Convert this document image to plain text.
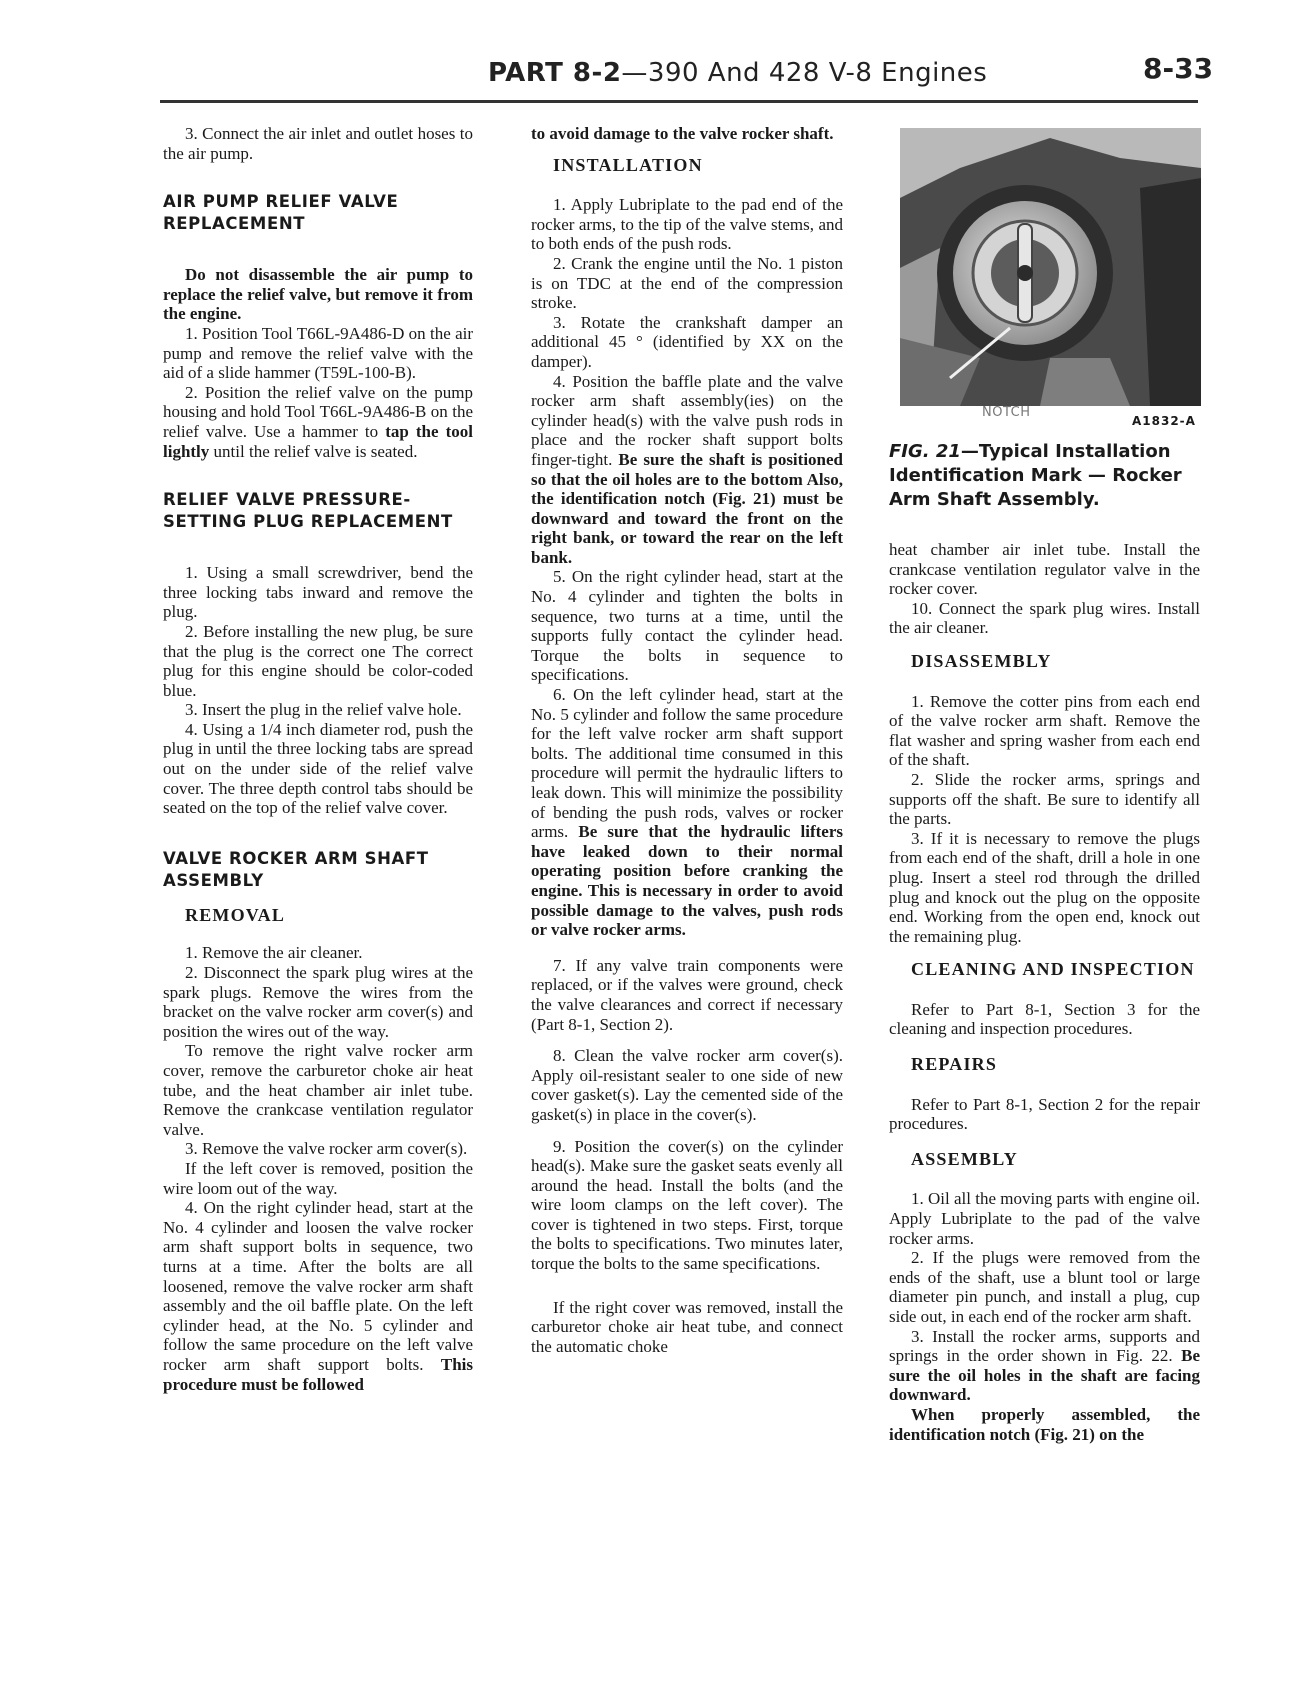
PART 8-2—390 And 428 V-8 Engines	8-33

3. Connect the air inlet and outlet hoses to the air pump.

AIR PUMP RELIEF VALVE REPLACEMENT

Do not disassemble the air pump to replace the relief valve, but remove it from the engine.

1. Position Tool T66L-9A486-D on the air pump and remove the relief valve with the aid of a slide hammer (T59L-100-B).

2. Position the relief valve on the pump housing and hold Tool T66L-9A486-B on the relief valve. Use a hammer to tap the tool lightly until the relief valve is seated.

RELIEF VALVE PRESSURE-SETTING PLUG REPLACEMENT

1. Using a small screwdriver, bend the three locking tabs inward and remove the plug.

2. Before installing the new plug, be sure that the plug is the correct one The correct plug for this engine should be color-coded blue.

3. Insert the plug in the relief valve hole.

4. Using a 1/4 inch diameter rod, push the plug in until the three locking tabs are spread out on the under side of the relief valve cover. The three depth control tabs should be seated on the top of the relief valve cover.

VALVE ROCKER ARM SHAFT ASSEMBLY
REMOVAL

1. Remove the air cleaner.

2. Disconnect the spark plug wires at the spark plugs. Remove the wires from the bracket on the valve rocker arm cover(s) and position the wires out of the way.

To remove the right valve rocker arm cover, remove the carburetor choke air heat tube, and the heat chamber air inlet tube. Remove the crankcase ventilation regulator valve.

3. Remove the valve rocker arm cover(s).

If the left cover is removed, position the wire loom out of the way.

4. On the right cylinder head, start at the No. 4 cylinder and loosen the valve rocker arm shaft support bolts in sequence, two turns at a time. After the bolts are all loosened, remove the valve rocker arm shaft assembly and the oil baffle plate. On the left cylinder head, at the No. 5 cylinder and follow the same procedure on the left valve rocker arm shaft support bolts. This procedure must be followed

to avoid damage to the valve rocker shaft.

INSTALLATION

1. Apply Lubriplate to the pad end of the rocker arms, to the tip of the valve stems, and to both ends of the push rods.

2. Crank the engine until the No. 1 piston is on TDC at the end of the compression stroke.

3. Rotate the crankshaft damper an additional 45 ° (identified by XX on the damper).

4. Position the baffle plate and the valve rocker arm shaft assembly(ies) on the cylinder head(s) with the valve push rods in place and the rocker shaft support bolts finger-tight. Be sure the shaft is positioned so that the oil holes are to the bottom Also, the identification notch (Fig. 21) must be downward and toward the front on the right bank, or toward the rear on the left bank.

5. On the right cylinder head, start at the No. 4 cylinder and tighten the bolts in sequence, two turns at a time, until the supports fully contact the cylinder head. Torque the bolts in sequence to specifications.

6. On the left cylinder head, start at the No. 5 cylinder and follow the same procedure for the left valve rocker arm shaft support bolts. The additional time consumed in this procedure will permit the hydraulic lifters to leak down. This will minimize the possibility of bending the push rods, valves or rocker arms. Be sure that the hydraulic lifters have leaked down to their normal operating position before cranking the engine. This is necessary in order to avoid possible damage to the valves, push rods or valve rocker arms.

7. If any valve train components were replaced, or if the valves were ground, check the valve clearances and correct if necessary (Part 8-1, Section 2).

8. Clean the valve rocker arm cover(s). Apply oil-resistant sealer to one side of new cover gasket(s). Lay the cemented side of the gasket(s) in place in the cover(s).

9. Position the cover(s) on the cylinder head(s). Make sure the gasket seats evenly all around the head. Install the bolts (and the wire loom clamps on the left cover). The cover is tightened in two steps. First, torque the bolts to specifications. Two minutes later, torque the bolts to the same specifications.

If the right cover was removed, install the carburetor choke air heat tube, and connect the automatic choke

NOTCH
A1832-A
FIG. 21—Typical Installation Identification Mark — Rocker Arm Shaft Assembly.

heat chamber air inlet tube. Install the crankcase ventilation regulator valve in the rocker cover.

10. Connect the spark plug wires. Install the air cleaner.

DISASSEMBLY

1. Remove the cotter pins from each end of the valve rocker arm shaft. Remove the flat washer and spring washer from each end of the shaft.

2. Slide the rocker arms, springs and supports off the shaft. Be sure to identify all the parts.

3. If it is necessary to remove the plugs from each end of the shaft, drill a hole in one plug. Insert a steel rod through the drilled plug and knock out the plug on the opposite end. Working from the open end, knock out the remaining plug.

CLEANING AND INSPECTION

Refer to Part 8-1, Section 3 for the cleaning and inspection procedures.

REPAIRS

Refer to Part 8-1, Section 2 for the repair procedures.

ASSEMBLY

1. Oil all the moving parts with engine oil. Apply Lubriplate to the pad of the valve rocker arms.

2. If the plugs were removed from the ends of the shaft, use a blunt tool or large diameter pin punch, and install a plug, cup side out, in each end of the rocker arm shaft.

3. Install the rocker arms, supports and springs in the order shown in Fig. 22. Be sure the oil holes in the shaft are facing downward.

When properly assembled, the identification notch (Fig. 21) on the
